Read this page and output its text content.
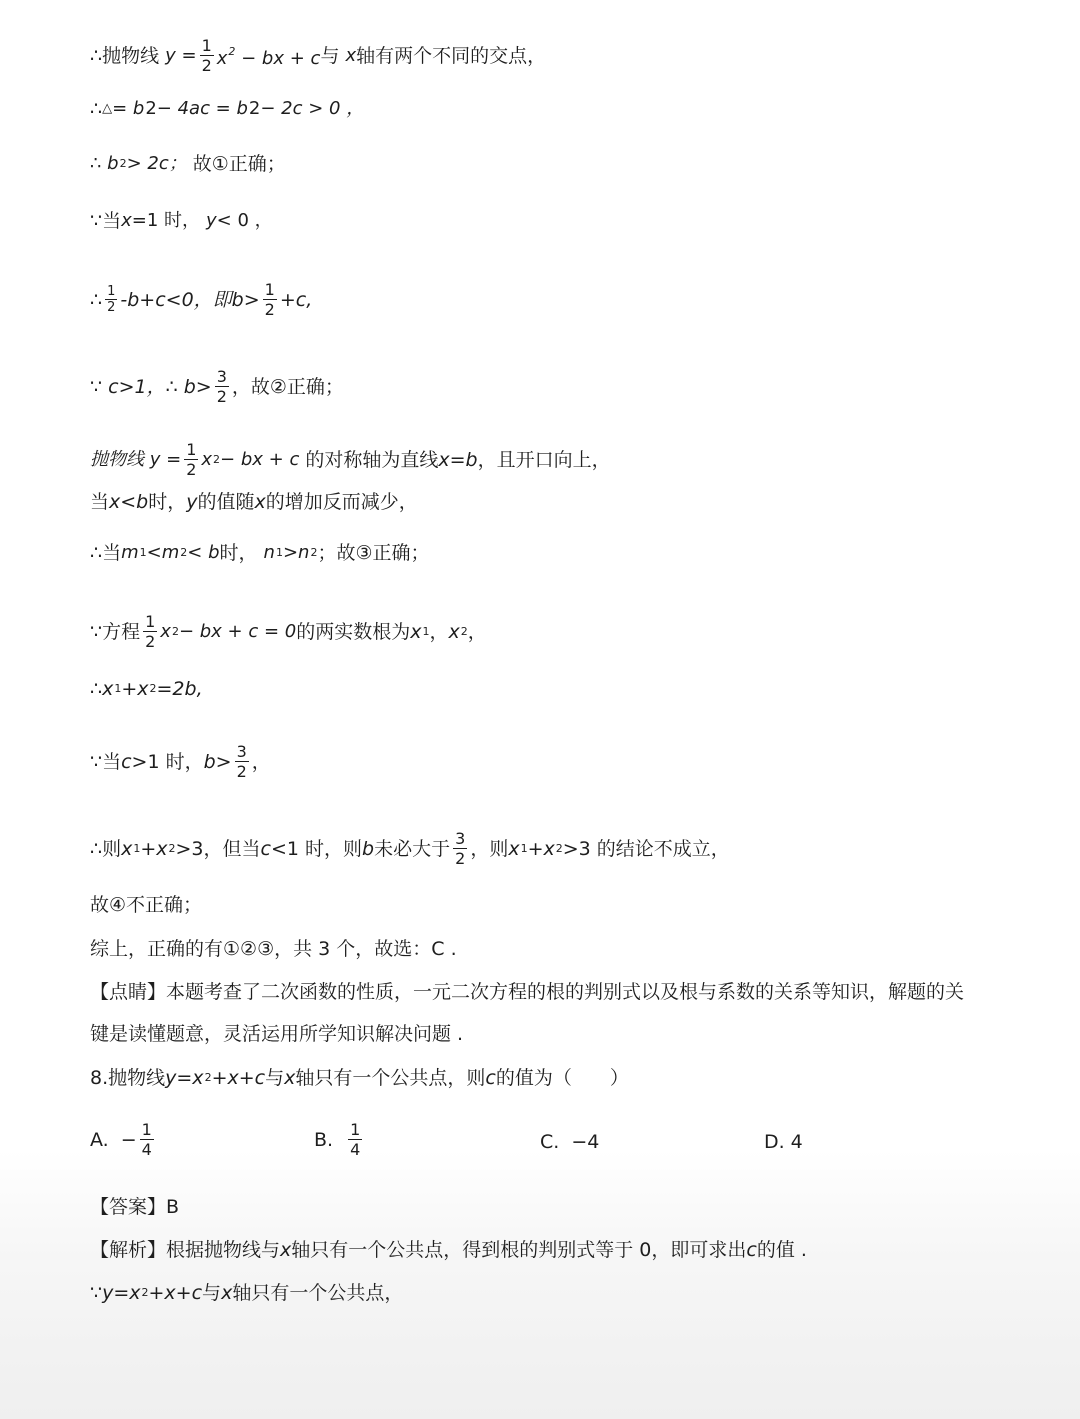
∴抛物线 $y = \frac{1}{2} x^2$ − bx + c 与 x 轴有两个不同的交点，
∴ △ = b 2 − 4ac = b 2 − 2c > 0 ，
∴ b 2 > 2c； 故①正确；
∵当 x =1 时， y < 0 ，
∴ $\frac{1}{2} -b+c<0$，即 $b > \frac{1}{2} +c$,
∵ c>1，∴ $b> \frac{3}{2}$ ，故②正确；
抛物线 $y = \frac{1}{2}$ x 2 − bx + c 的对称轴为直线 x=b ，且开口向上，
当 x<b 时， y 的值随 x 的增加反而减少，
∴当 m 1 < m 2 < b 时， n 1 > n 2 ；故③正确；
∵方程 $\frac{1}{2}$ x 2 − bx + c = 0 的两实数根为 x 1 ， x 2 ，
∴ x 1 + x 2 =2b,
∵当 c >1 时， $b > \frac{3}{2}$ ，
∴则 x 1 + x 2 >3，但当 c <1 时，则 b 未必大于 $\frac{3}{2}$ ，则 x 1 + x 2 >3 的结论不成立，
故④不正确；
综上，正确的有①②③，共 3 个，故选：C .
【点睛】本题考查了二次函数的性质，一元二次方程的根的判别式以及根与系数的关系等知识，解题的关
键是读懂题意，灵活运用所学知识解决问题 .
8.抛物线 y=x 2 +x+c 与 x 轴只有一个公共点，则 c 的值为（　　）
A. − $\frac{1}{4}$	B. $\frac{1}{4}$	C. −4	D. 4
【答案】B
【解析】根据抛物线与 x 轴只有一个公共点，得到根的判别式等于 0，即可求出 c 的值 .
∵ y=x 2 +x+c 与 x 轴只有一个公共点，
